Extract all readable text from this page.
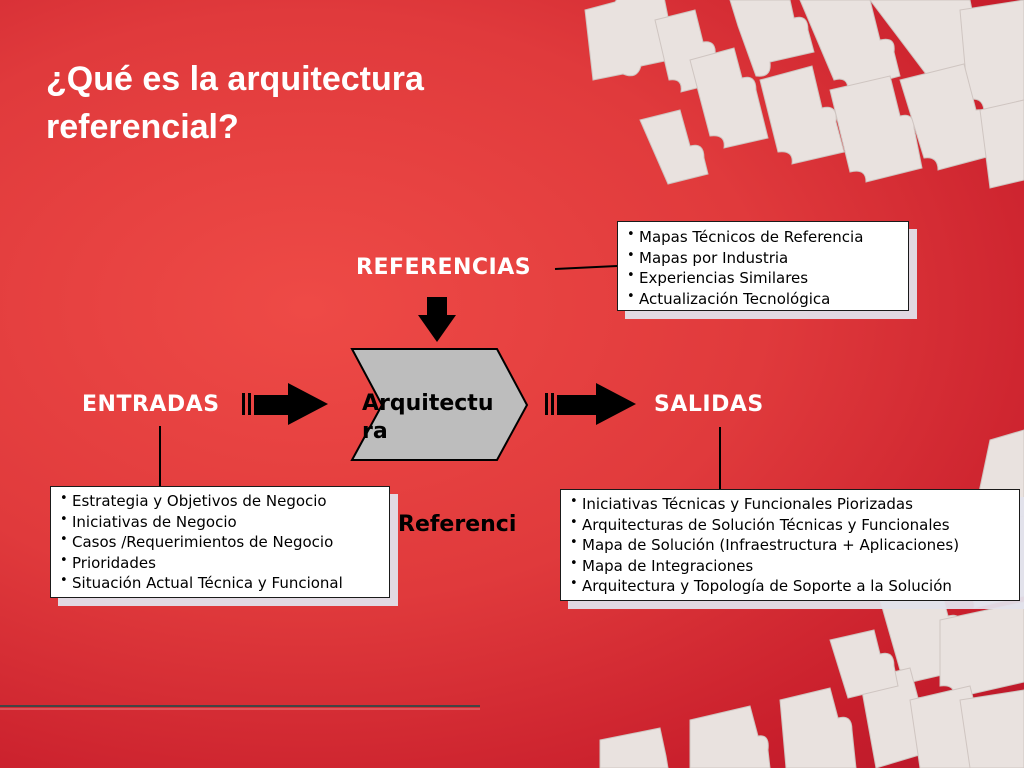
¿Qué es la arquitectura referencial?
REFERENCIAS
ENTRADAS	SALIDAS
Arquitectu
ra
Referenci
• Mapas Técnicos de Referencia
• Mapas por Industria
• Experiencias Similares
• Actualización Tecnológica
• Estrategia y Objetivos de Negocio
• Iniciativas de Negocio
• Casos /Requerimientos de Negocio
• Prioridades
• Situación Actual Técnica y Funcional
• Iniciativas Técnicas y Funcionales Piorizadas
• Arquitecturas de Solución Técnicas y Funcionales
• Mapa de Solución (Infraestructura + Aplicaciones)
• Mapa de Integraciones
• Arquitectura y Topología de Soporte a la Solución
